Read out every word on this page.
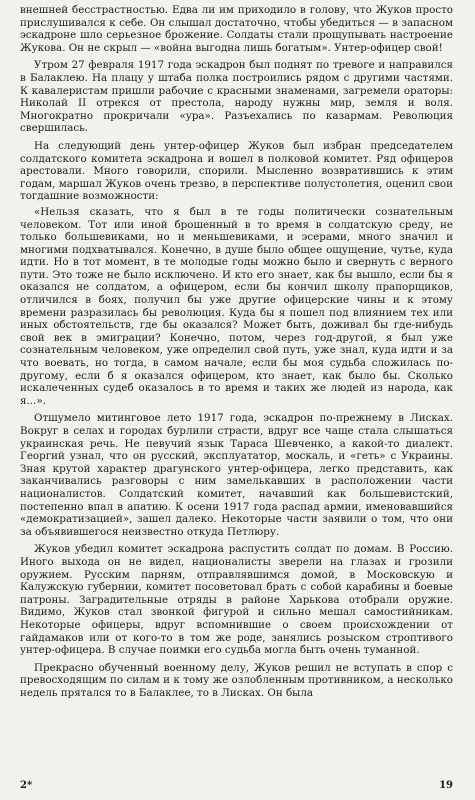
внешней бесстрастностью. Едва ли им приходило в голову, что Жуков просто прислушивался к себе. Он слышал достаточно, чтобы убедиться — в запасном эскадроне шло серьезное брожение. Солдаты стали прощупывать настроение Жукова. Он не скрыл — «война выгодна лишь богатым». Унтер-офицер свой!

Утром 27 февраля 1917 года эскадрон был поднят по тревоге и направился в Балаклею. На плацу у штаба полка построились рядом с другими частями. К кавалеристам пришли рабочие с красными знаменами, загремели ораторы: Николай II отрекся от престола, народу нужны мир, земля и воля. Многократно прокричали «ура». Разъехались по казармам. Революция свершилась.

На следующий день унтер-офицер Жуков был избран председателем солдатского комитета эскадрона и вошел в полковой комитет. Ряд офицеров арестовали. Много говорили, спорили. Мысленно возвратившись к этим годам, маршал Жуков очень трезво, в перспективе полустолетия, оценил свои тогдашние возможности:

«Нельзя сказать, что я был в те годы политически сознательным человеком. Тот или иной брошенный в то время в солдатскую среду, не только большевиками, но и меньшевиками, и эсерами, много значил и многими подхватывался. Конечно, в душе было общее ощущение, чутье, куда идти. Но в тот момент, в те молодые годы можно было и свернуть с верного пути. Это тоже не было исключено. И кто его знает, как бы вышло, если бы я оказался не солдатом, а офицером, если бы кончил школу прапорщиков, отличился в боях, получил бы уже другие офицерские чины и к этому времени разразилась бы революция. Куда бы я пошел под влиянием тех или иных обстоятельств, где бы оказался? Может быть, доживал бы где-нибудь свой век в эмиграции? Конечно, потом, через год-другой, я был уже сознательным человеком, уже определил свой путь, уже знал, куда идти и за что воевать, но тогда, в самом начале, если бы моя судьба сложилась по-другому, если б я оказался офицером, кто знает, как было бы. Сколько искалеченных судеб оказалось в то время и таких же людей из народа, как я...».

Отшумело митинговое лето 1917 года, эскадрон по-прежнему в Лисках. Вокруг в селах и городах бурлили страсти, вдруг все чаще стала слышаться украинская речь. Не певучий язык Тараса Шевченко, а какой-то диалект. Георгий узнал, что он русский, эксплуататор, москаль, и «геть» с Украины. Зная крутой характер драгунского унтер-офицера, легко представить, как заканчивались разговоры с ним замелькавших в расположении части националистов. Солдатский комитет, начавший как большевистский, постепенно впал в апатию. К осени 1917 года распад армии, именовавшийся «демократизацией», зашел далеко. Некоторые части заявили о том, что они за объявившегося неизвестно откуда Петлюру.

Жуков убедил комитет эскадрона распустить солдат по домам. В Россию. Иного выхода он не видел, националисты зверели на глазах и грозили оружием. Русским парням, отправлявшимся домой, в Московскую и Калужскую губернии, комитет посоветовал брать с собой карабины и боевые патроны. Заградительные отряды в районе Харькова отобрали оружие. Видимо, Жуков стал звонкой фигурой и сильно мешал самостийникам. Некоторые офицеры, вдруг вспомнившие о своем происхождении от гайдамаков или от кого-то в том же роде, занялись розыском строптивого унтер-офицера. В случае поимки его судьба могла быть очень туманной.

Прекрасно обученный военному делу, Жуков решил не вступать в спор с превосходящим по силам и к тому же озлобленным противником, а несколько недель прятался то в Балаклее, то в Лисках. Он была

2*	19
